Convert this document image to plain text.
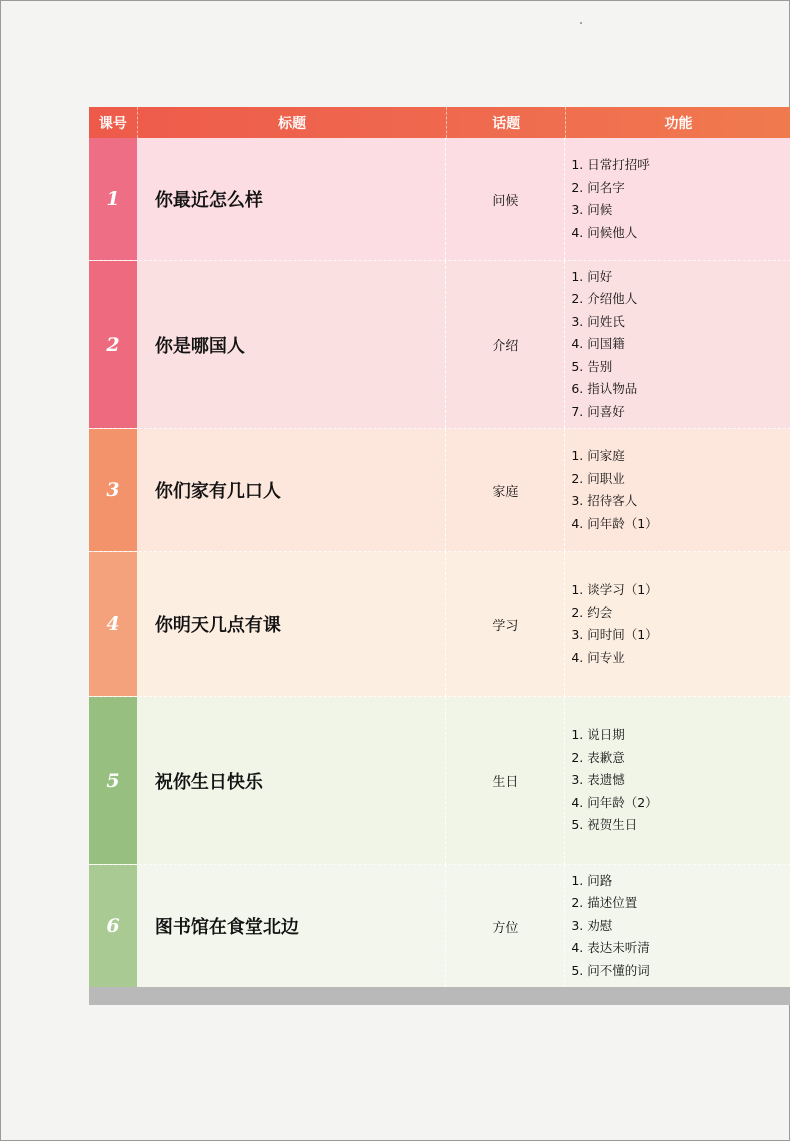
课号	标题	话题	功能
1	你最近怎么样	问候
1. 日常打招呼
2. 问名字
3. 问候
4. 问候他人
2	你是哪国人	介绍
1. 问好
2. 介绍他人
3. 问姓氏
4. 问国籍
5. 告别
6. 指认物品
7. 问喜好
3	你们家有几口人	家庭
1. 问家庭
2. 问职业
3. 招待客人
4. 问年龄（1）
4	你明天几点有课	学习
1. 谈学习（1）
2. 约会
3. 问时间（1）
4. 问专业
5	祝你生日快乐	生日
1. 说日期
2. 表歉意
3. 表遗憾
4. 问年龄（2）
5. 祝贺生日
6	图书馆在食堂北边	方位
1. 问路
2. 描述位置
3. 劝慰
4. 表达未听清
5. 问不懂的词
